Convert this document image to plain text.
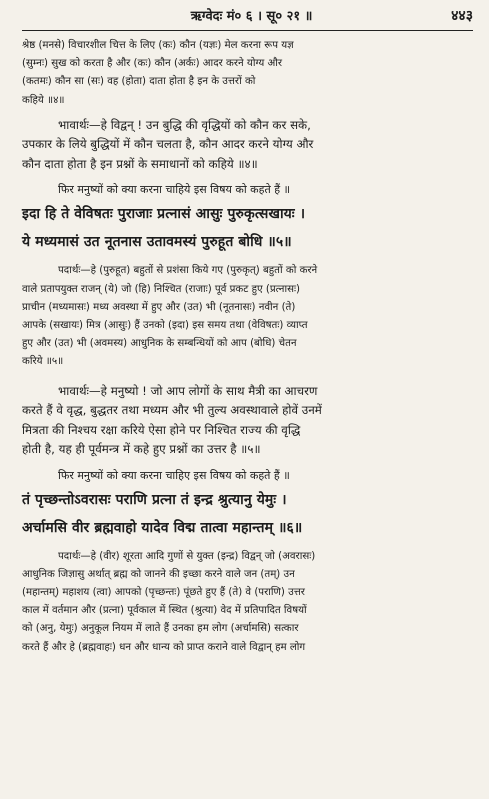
ऋग्वेदः मं० ६ । सू० २१ ॥	४४३

श्रेष्ठ (मनसे) विचारशील चित्त के लिए (कः) कौन (यज्ञः) मेल करना रूप यज्ञ

(सुम्नः) सुख को करता है और (कः) कौन (अर्कः) आदर करने योग्य और

(कतमः) कौन सा (सः) वह (होता) दाता होता है इन के उत्तरों को

कहिये ॥४॥

भावार्थः—हे विद्वन् ! उन बुद्धि की वृद्धियों को कौन कर सके,

उपकार के लिये बुद्धियों में कौन चलता है, कौन आदर करने योग्य और

कौन दाता होता है इन प्रश्नों के समाधानों को कहिये ॥४॥

फिर मनुष्यों को क्या करना चाहिये इस विषय को कहते हैं ॥

इदा हि ते वेविषतः पुराजाः प्रत्नासं आसुः पुरुकृत्सखायः ।

ये मध्यमासं उत नूतनास उतावमस्यं पुरुहूत बोधि ॥५॥

पदार्थः—हे (पुरुहूत) बहुतों से प्रशंसा किये गए (पुरुकृत्) बहुतों को करने

वाले प्रतापयुक्त राजन् (ये) जो (हि) निश्चित (राजाः) पूर्व प्रकट हुए (प्रत्नासः)

प्राचीन (मध्यमासः) मध्य अवस्था में हुए और (उत) भी (नूतनासः) नवीन (ते)

आपके (सखायः) मित्र (आसुः) हैं उनको (इदा) इस समय तथा (वेविषतः) व्याप्त

हुए और (उत) भी (अवमस्य) आधुनिक के सम्बन्धियों को आप (बोधि) चेतन

करिये ॥५॥

भावार्थः—हे मनुष्यो ! जो आप लोगों के साथ मैत्री का आचरण

करते हैं वे वृद्ध, बुद्धतर तथा मध्यम और भी तुल्य अवस्थावाले होवें उनमें

मित्रता की निश्चय रक्षा करिये ऐसा होने पर निश्चित राज्य की वृद्धि

होती है, यह ही पूर्वमन्त्र में कहे हुए प्रश्नों का उत्तर है ॥५॥

फिर मनुष्यों को क्या करना चाहिए इस विषय को कहते हैं ॥

तं पृच्छन्तोऽवरासः पराणि प्रत्ना तं इन्द्र श्रुत्यानु येमुः ।

अर्चामसि वीर ब्रह्मवाहो यादेव विद्म तात्वा महान्तम् ॥६॥

पदार्थः—हे (वीर) शूरता आदि गुणों से युक्त (इन्द्र) विद्वन् जो (अवरासः)

आधुनिक जिज्ञासु अर्थात् ब्रह्म को जानने की इच्छा करने वाले जन (तम्) उन

(महान्तम्) महाशय (त्वा) आपको (पृच्छन्तः) पूंछते हुए हैं (ते) वे (पराणि) उत्तर

काल में वर्तमान और (प्रत्ना) पूर्वकाल में स्थित (श्रुत्या) वेद में प्रतिपादित विषयों

को (अनु, येमुः) अनुकूल नियम में लाते हैं उनका हम लोग (अर्चामसि) सत्कार

करते हैं और हे (ब्रह्मवाहः) धन और धान्य को प्राप्त कराने वाले विद्वान् हम लोग
